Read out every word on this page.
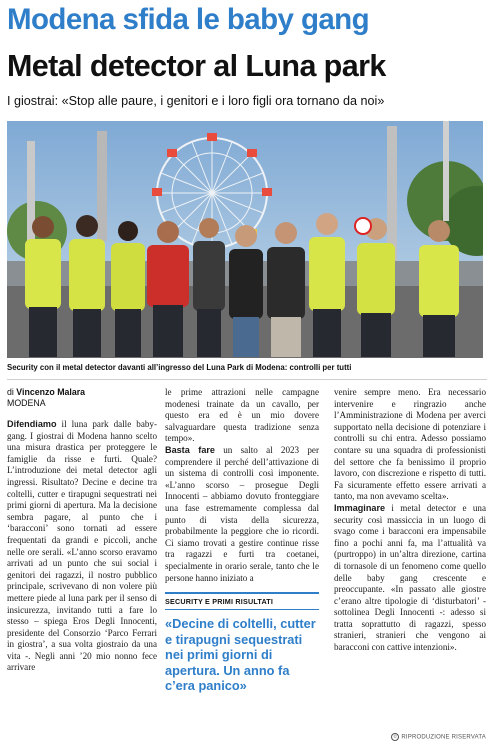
Modena sfida le baby gang
Metal detector al Luna park
I giostrai: «Stop alle paure, i genitori e i loro figli ora tornano da noi»
Security con il metal detector davanti all’ingresso del Luna Park di Modena: controlli per tutti
di Vincenzo Malara
MODENA

Difendiamo il luna park dalle baby-gang. I giostrai di Modena hanno scelto una misura drastica per proteggere le famiglie da risse e furti. Quale? L’introduzione dei metal detector agli ingressi. Risultato? Decine e decine tra coltelli, cutter e tirapugni sequestrati nei primi giorni di apertura. Ma la decisione sembra pagare, al punto che i ‘baracconi’ sono tornati ad essere frequentati da grandi e piccoli, anche nelle ore serali. «L’anno scorso eravamo arrivati ad un punto che sui social i genitori dei ragazzi, il nostro pubblico principale, scrivevano di non volere più mettere piede al luna park per il senso di insicurezza, invitando tutti a fare lo stesso – spiega Eros Degli Innocenti, presidente del Consorzio ‘Parco Ferrari in giostra’, a sua volta giostraio da una vita -. Negli anni ’20 mio nonno fece arrivare

le prime attrazioni nelle campagne modenesi trainate da un cavallo, per questo era ed è un mio dovere salvaguardare questa tradizione senza tempo».

Basta fare un salto al 2023 per comprendere il perché dell’attivazione di un sistema di controlli così imponente. «L’anno scorso – prosegue Degli Innocenti – abbiamo dovuto fronteggiare una fase estremamente complessa dal punto di vista della sicurezza, probabilmente la peggiore che io ricordi. Ci siamo trovati a gestire continue risse tra ragazzi e furti tra coetanei, specialmente in orario serale, tanto che le persone hanno iniziato a

SECURITY E PRIMI RISULTATI
«Decine di coltelli, cutter e tirapugni sequestrati nei primi giorni di apertura. Un anno fa c’era panico»

venire sempre meno. Era necessario intervenire e ringrazio anche l’Amministrazione di Modena per averci supportato nella decisione di potenziare i controlli su chi entra. Adesso possiamo contare su una squadra di professionisti del settore che fa benissimo il proprio lavoro, con discrezione e rispetto di tutti. Fa sicuramente effetto essere arrivati a tanto, ma non avevamo scelta».

Immaginare i metal detector e una security così massiccia in un luogo di svago come i baracconi era impensabile fino a pochi anni fa, ma l’attualità va (purtroppo) in un’altra direzione, cartina di tornasole di un fenomeno come quello delle baby gang crescente e preoccupante. «In passato alle giostre c’erano altre tipologie di ‘disturbatori’ - sottolinea Degli Innocenti -: adesso si tratta soprattutto di ragazzi, spesso stranieri, stranieri che vengono ai baracconi con cattive intenzioni».

© RIPRODUZIONE RISERVATA
